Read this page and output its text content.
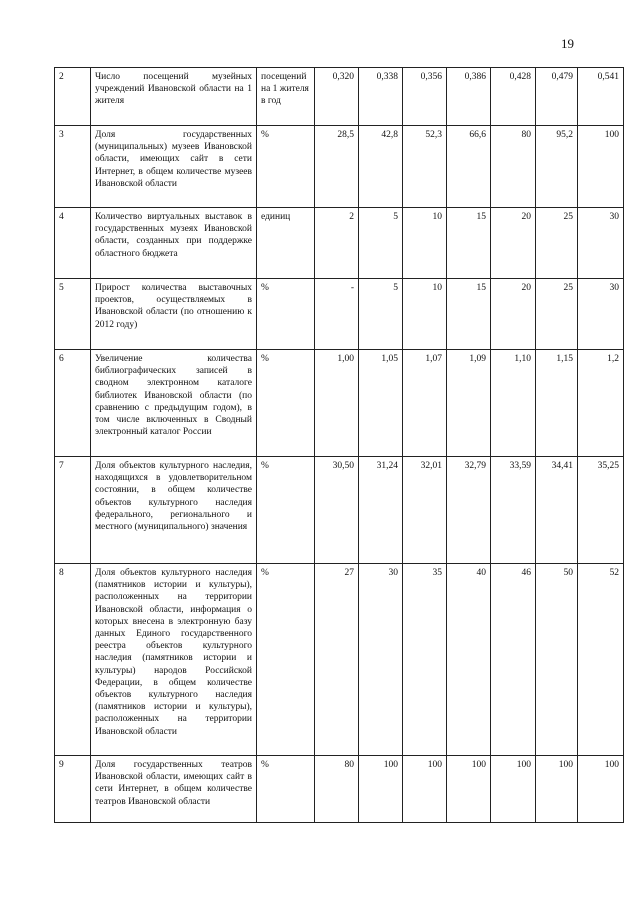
19
2	Число посещений музейных учреждений Ивановской области на 1 жителя	посещений на 1 жителя в год	0,320	0,338	0,356	0,386	0,428	0,479	0,541
3	Доля государственных (муниципальных) музеев Ивановской области, имеющих сайт в сети Интернет, в общем количестве музеев Ивановской области	%	28,5	42,8	52,3	66,6	80	95,2	100
4	Количество виртуальных выставок в государственных музеях Ивановской области, созданных при поддержке областного бюджета	единиц	2	5	10	15	20	25	30
5	Прирост количества выставочных проектов, осуществляемых в Ивановской области (по отношению к 2012 году)	%	-	5	10	15	20	25	30
6	Увеличение количества библиографических записей в сводном электронном каталоге библиотек Ивановской области (по сравнению с предыдущим годом), в том числе включенных в Сводный электронный каталог России	%	1,00	1,05	1,07	1,09	1,10	1,15	1,2
7	Доля объектов культурного наследия, находящихся в удовлетворительном состоянии, в общем количестве объектов культурного наследия федерального, регионального и местного (муниципального) значения	%	30,50	31,24	32,01	32,79	33,59	34,41	35,25
8	Доля объектов культурного наследия (памятников истории и культуры), расположенных на территории Ивановской области, информация о которых внесена в электронную базу данных Единого государственного реестра объектов культурного наследия (памятников истории и культуры) народов Российской Федерации, в общем количестве объектов культурного наследия (памятников истории и культуры), расположенных на территории Ивановской области	%	27	30	35	40	46	50	52
9	Доля государственных театров Ивановской области, имеющих сайт в сети Интернет, в общем количестве театров Ивановской области	%	80	100	100	100	100	100	100
